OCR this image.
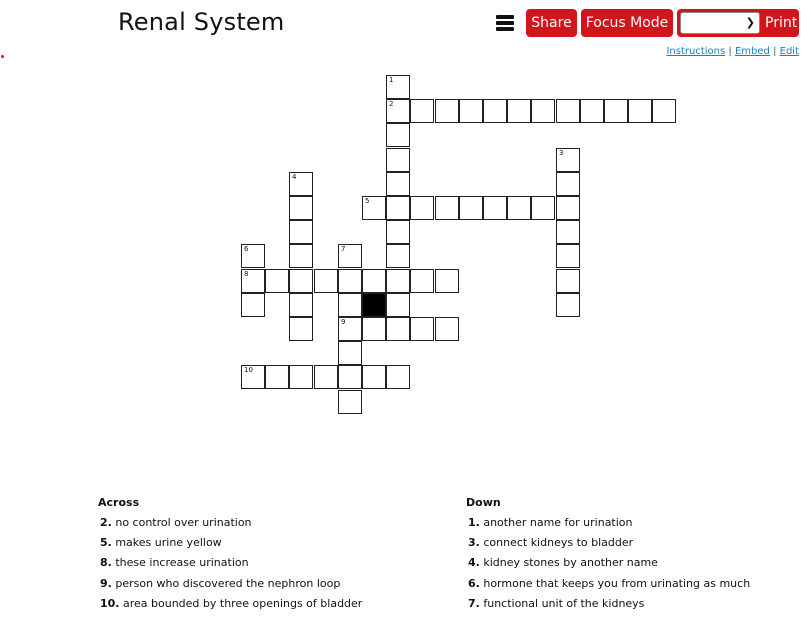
Renal System	Share	Focus Mode	❯ Print
Instructions | Embed | Edit
1
2
3
4
5
6	7
8
9
10
Across
2. no control over urination
5. makes urine yellow
8. these increase urination
9. person who discovered the nephron loop
10. area bounded by three openings of bladder
Down
1. another name for urination
3. connect kidneys to bladder
4. kidney stones by another name
6. hormone that keeps you from urinating as much
7. functional unit of the kidneys
